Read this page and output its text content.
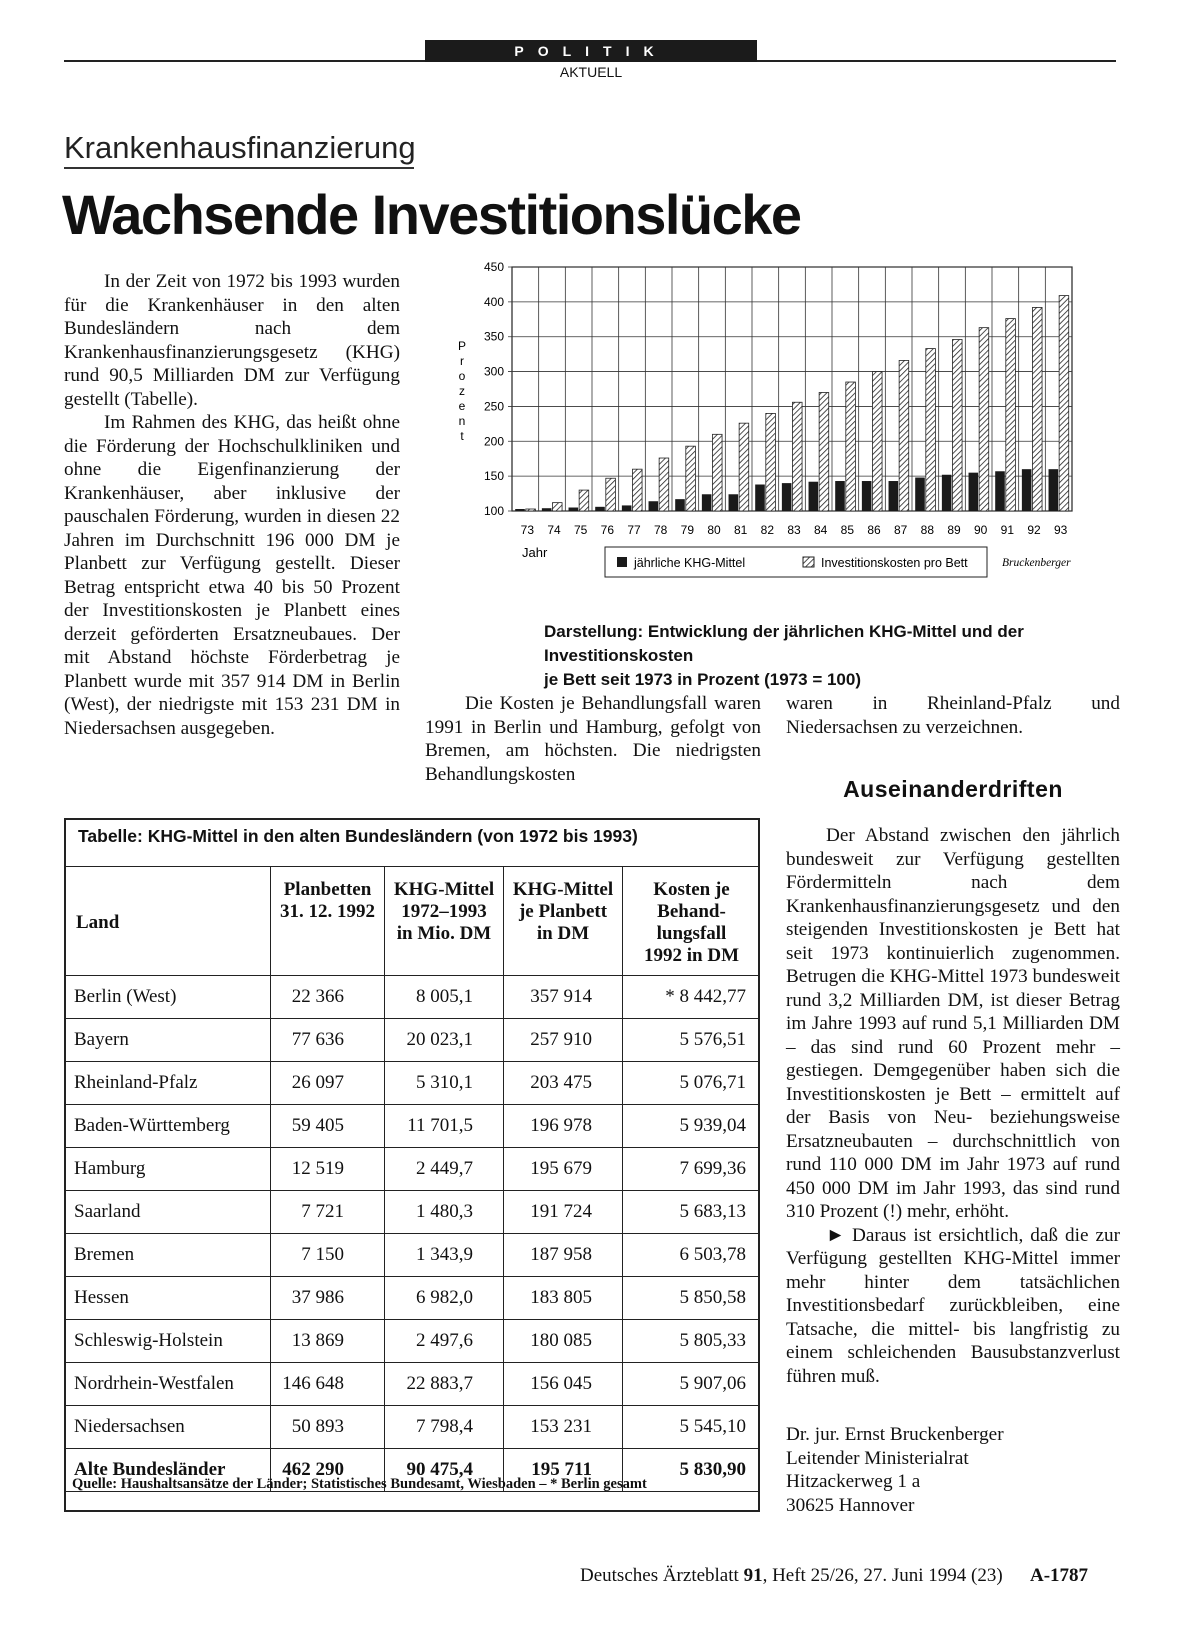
POLITIK
AKTUELL
Krankenhausfinanzierung
Wachsende Investitionslücke

In der Zeit von 1972 bis 1993 wurden für die Krankenhäuser in den alten Bundesländern nach dem Krankenhausfinanzierungsgesetz (KHG) rund 90,5 Milliarden DM zur Verfügung gestellt (Tabelle).

Im Rahmen des KHG, das heißt ohne die Förderung der Hochschulkliniken und ohne die Eigenfinanzierung der Krankenhäuser, aber inklusive der pauschalen Förderung, wurden in diesen 22 Jahren im Durchschnitt 196 000 DM je Planbett zur Verfügung gestellt. Dieser Betrag entspricht etwa 40 bis 50 Prozent der Investitionskosten je Planbett eines derzeit geförderten Ersatzneubaues. Der mit Abstand höchste Förderbetrag je Planbett wurde mit 357 914 DM in Berlin (West), der niedrigste mit 153 231 DM in Niedersachsen ausgegeben.

100
150
200
250
300
350
400
450
73 74 75 76 77 78 79 80 81 82 83 84 85 86 87 88 89 90 91 92 93
P r o z e n t
Jahr
jährliche KHG-Mittel	Investitionskosten pro Bett	Bruckenberger
Darstellung: Entwicklung der jährlichen KHG-Mittel und der Investitionskosten
je Bett seit 1973 in Prozent (1973 = 100)

Die Kosten je Behandlungsfall waren 1991 in Berlin und Hamburg, gefolgt von Bremen, am höchsten. Die niedrigsten Behandlungskosten

waren in Rheinland-Pfalz und Niedersachsen zu verzeichnen.

Auseinanderdriften

Der Abstand zwischen den jährlich bundesweit zur Verfügung gestellten Fördermitteln nach dem Krankenhausfinanzierungsgesetz und den steigenden Investitionskosten je Bett hat seit 1973 kontinuierlich zugenommen. Betrugen die KHG-Mittel 1973 bundesweit rund 3,2 Milliarden DM, ist dieser Betrag im Jahre 1993 auf rund 5,1 Milliarden DM – das sind rund 60 Prozent mehr – gestiegen. Demgegenüber haben sich die Investitionskosten je Bett – ermittelt auf der Basis von Neu- beziehungsweise Ersatzneubauten – durchschnittlich von rund 110 000 DM im Jahr 1973 auf rund 450 000 DM im Jahr 1993, das sind rund 310 Prozent (!) mehr, erhöht.

► Daraus ist ersichtlich, daß die zur Verfügung gestellten KHG-Mittel immer mehr hinter dem tatsächlichen Investitionsbedarf zurückbleiben, eine Tatsache, die mittel- bis langfristig zu einem schleichenden Bausubstanzverlust führen muß.

Dr. jur. Ernst Bruckenberger
Leitender Ministerialrat
Hitzackerweg 1 a
30625 Hannover
Tabelle: KHG-Mittel in den alten Bundesländern (von 1972 bis 1993)
Land	Planbetten
31. 12. 1992	KHG-Mittel
1972–1993
in Mio. DM	KHG-Mittel
je Planbett
in DM	Kosten je
Behand-
lungsfall
1992 in DM
Berlin (West)	22 366	8 005,1	357 914	* 8 442,77
Bayern	77 636	20 023,1	257 910	5 576,51
Rheinland-Pfalz	26 097	5 310,1	203 475	5 076,71
Baden-Württemberg	59 405	11 701,5	196 978	5 939,04
Hamburg	12 519	2 449,7	195 679	7 699,36
Saarland	7 721	1 480,3	191 724	5 683,13
Bremen	7 150	1 343,9	187 958	6 503,78
Hessen	37 986	6 982,0	183 805	5 850,58
Schleswig-Holstein	13 869	2 497,6	180 085	5 805,33
Nordrhein-Westfalen	146 648	22 883,7	156 045	5 907,06
Niedersachsen	50 893	7 798,4	153 231	5 545,10
Alte Bundesländer	462 290	90 475,4	195 711	5 830,90
Quelle: Haushaltsansätze der Länder; Statistisches Bundesamt, Wiesbaden – * Berlin gesamt
Deutsches Ärzteblatt 91, Heft 25/26, 27. Juni 1994 (23) A-1787
